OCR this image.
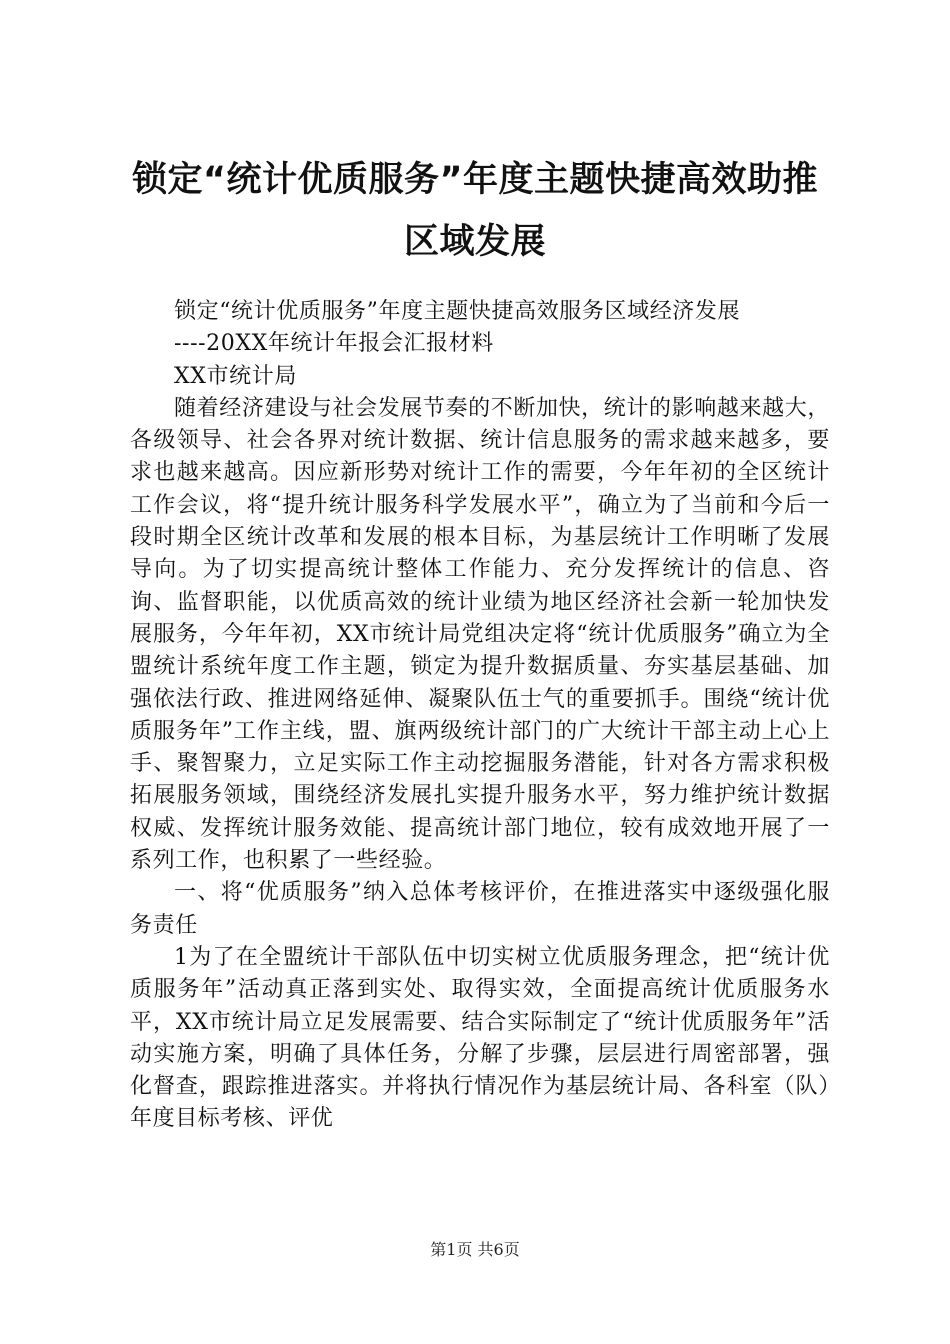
锁定“统计优质服务”年度主题快捷高效助推
区域发展

锁定“统计优质服务”年度主题快捷高效服务区域经济发展

----20XX年统计年报会汇报材料

XX市统计局

随着经济建设与社会发展节奏的不断加快，统计的影响越来越大，各级领导、社会各界对统计数据、统计信息服务的需求越来越多，要求也越来越高。因应新形势对统计工作的需要，今年年初的全区统计工作会议，将“提升统计服务科学发展水平”，确立为了当前和今后一段时期全区统计改革和发展的根本目标，为基层统计工作明晰了发展导向。为了切实提高统计整体工作能力、充分发挥统计的信息、咨询、监督职能，以优质高效的统计业绩为地区经济社会新一轮加快发展服务，今年年初，XX市统计局党组决定将“统计优质服务”确立为全盟统计系统年度工作主题，锁定为提升数据质量、夯实基层基础、加强依法行政、推进网络延伸、凝聚队伍士气的重要抓手。围绕“统计优质服务年”工作主线，盟、旗两级统计部门的广大统计干部主动上心上手、聚智聚力，立足实际工作主动挖掘服务潜能，针对各方需求积极拓展服务领域，围绕经济发展扎实提升服务水平，努力维护统计数据权威、发挥统计服务效能、提高统计部门地位，较有成效地开展了一系列工作，也积累了一些经验。

一、将“优质服务”纳入总体考核评价，在推进落实中逐级强化服务责任

1为了在全盟统计干部队伍中切实树立优质服务理念，把“统计优质服务年”活动真正落到实处、取得实效，全面提高统计优质服务水平，XX市统计局立足发展需要、结合实际制定了“统计优质服务年”活动实施方案，明确了具体任务，分解了步骤，层层进行周密部署，强化督查，跟踪推进落实。并将执行情况作为基层统计局、各科室（队）年度目标考核、评优

第1页 共6页
